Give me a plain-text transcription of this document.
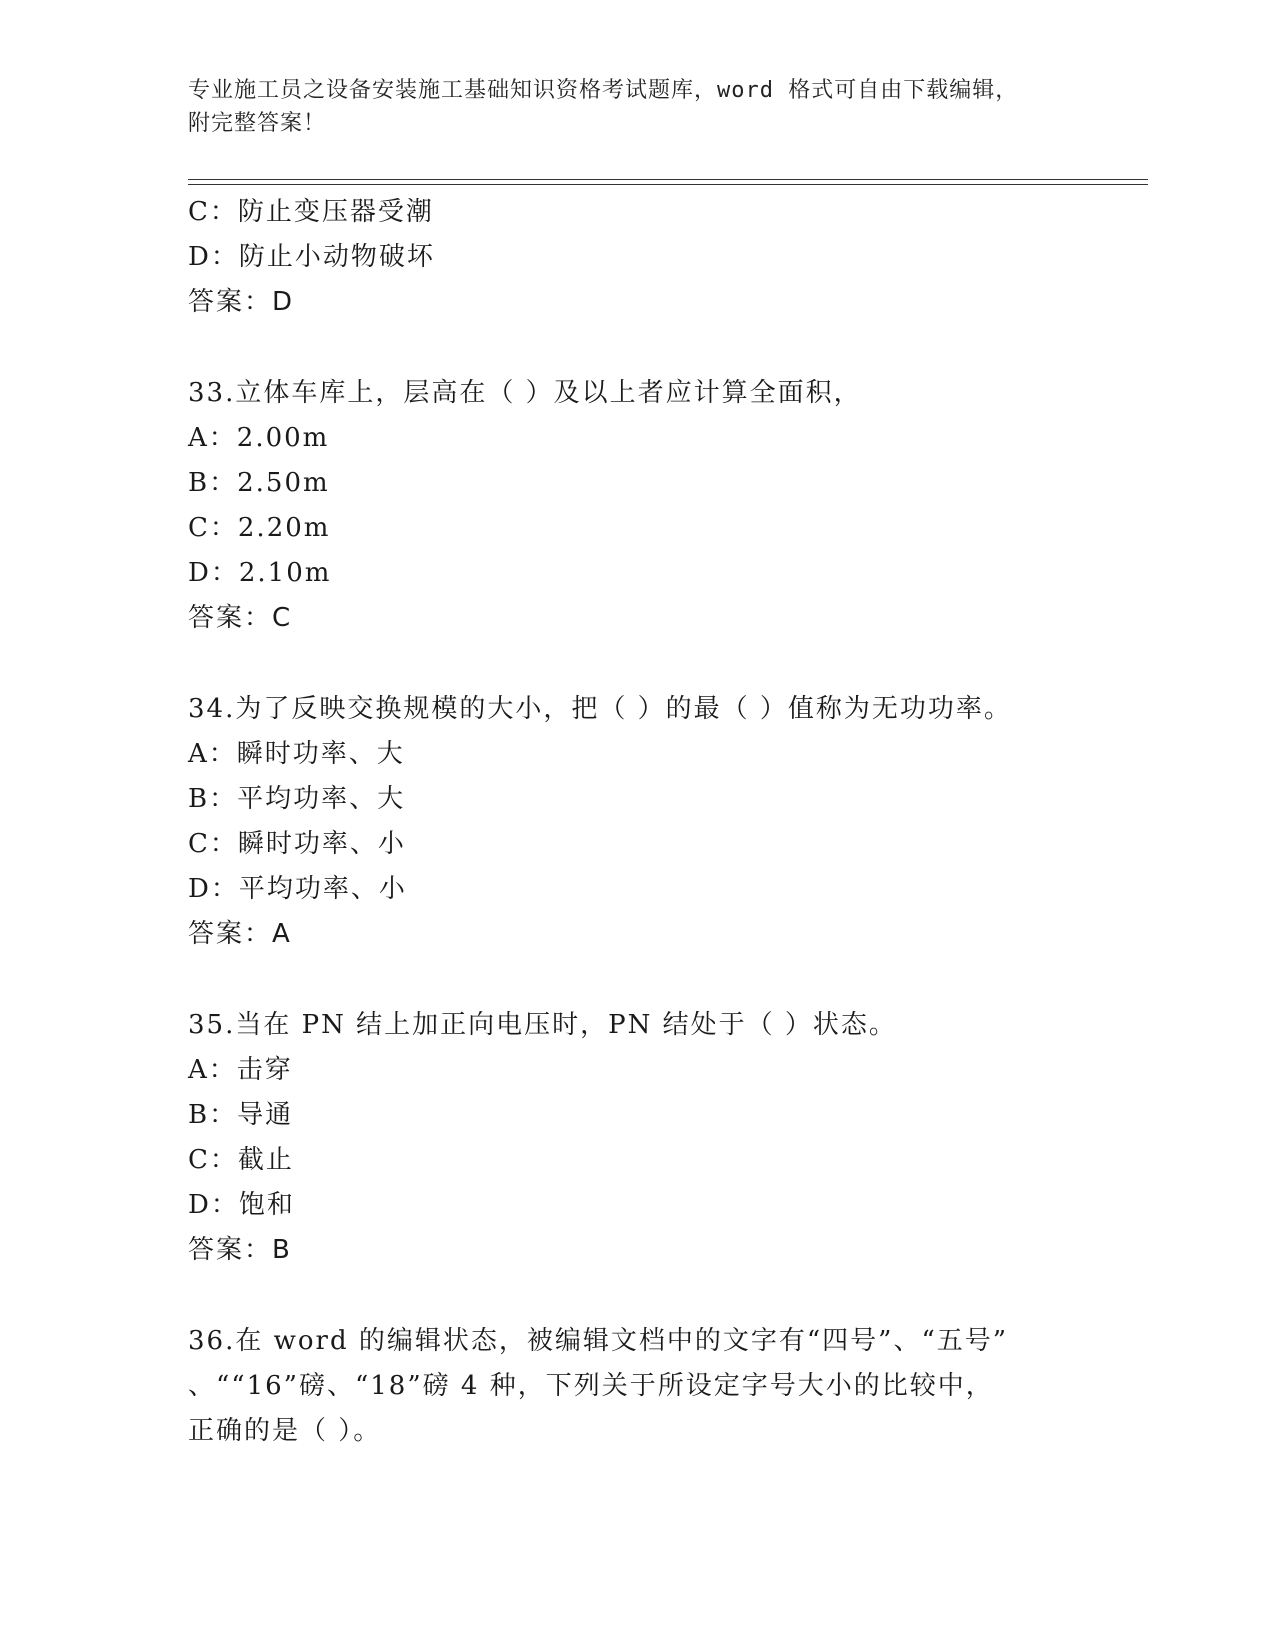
专业施工员之设备安装施工基础知识资格考试题库，word 格式可自由下载编辑，
附完整答案！
C：防止变压器受潮
D：防止小动物破坏
答案：D
33.立体车库上，层高在（ ）及以上者应计算全面积，
A：2.00m
B：2.50m
C：2.20m
D：2.10m
答案：C
34.为了反映交换规模的大小，把（ ）的最（ ）值称为无功功率。
A：瞬时功率、大
B：平均功率、大
C：瞬时功率、小
D：平均功率、小
答案：A
35.当在 PN 结上加正向电压时，PN 结处于（ ）状态。
A：击穿
B：导通
C：截止
D：饱和
答案：B
36.在 word 的编辑状态，被编辑文档中的文字有“四号”、“五号”
、““16”磅、“18”磅 4 种，下列关于所设定字号大小的比较中，
正确的是（ ）。
